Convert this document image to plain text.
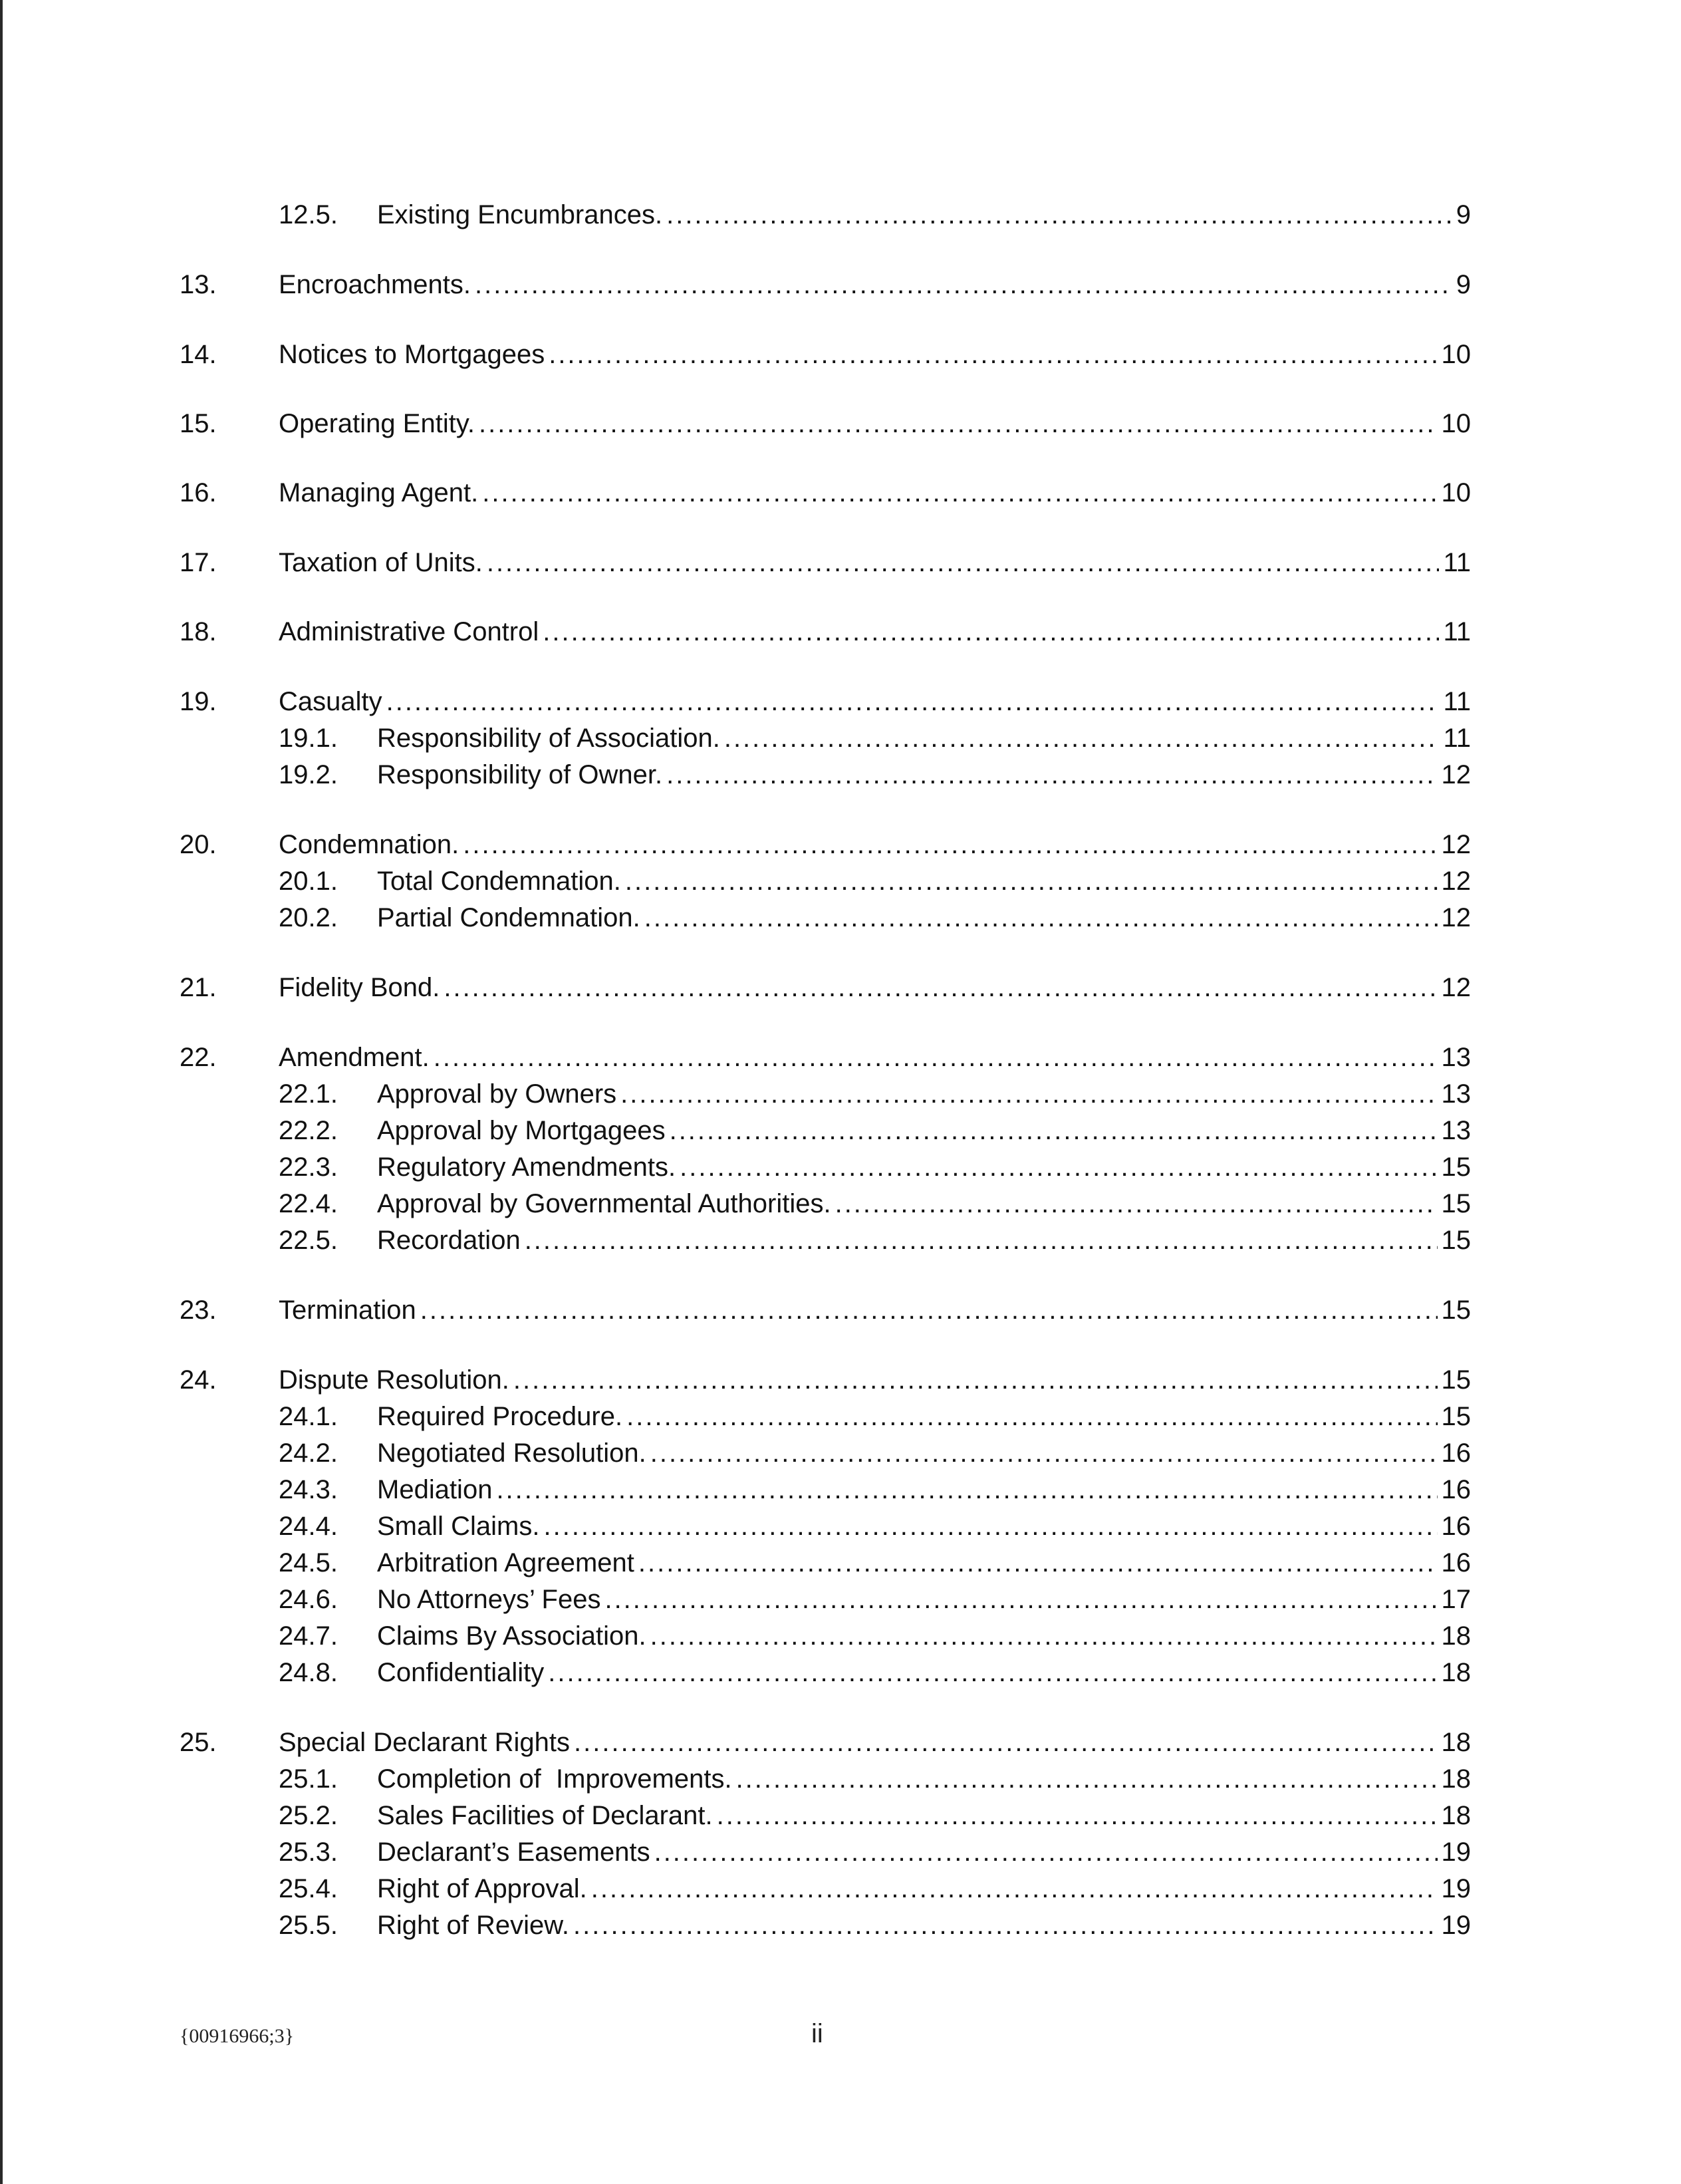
12.5. Existing Encumbrances. .....	9
13. Encroachments. .....	9
14. Notices to Mortgagees .....	10
15. Operating Entity. .....	10
16. Managing Agent. .....	10
17. Taxation of Units. .....	11
18. Administrative Control .....	11
19. Casualty .....	11
19.1. Responsibility of Association. .....	11
19.2. Responsibility of Owner. .....	12
20. Condemnation. .....	12
20.1. Total Condemnation. .....	12
20.2. Partial Condemnation. .....	12
21. Fidelity Bond. .....	12
22. Amendment. .....	13
22.1. Approval by Owners .....	13
22.2. Approval by Mortgagees .....	13
22.3. Regulatory Amendments. .....	15
22.4. Approval by Governmental Authorities. .....	15
22.5. Recordation .....	15
23. Termination .....	15
24. Dispute Resolution. .....	15
24.1. Required Procedure. .....	15
24.2. Negotiated Resolution. .....	16
24.3. Mediation .....	16
24.4. Small Claims. .....	16
24.5. Arbitration Agreement .....	16
24.6. No Attorneys’ Fees .....	17
24.7. Claims By Association. .....	18
24.8. Confidentiality .....	18
25. Special Declarant Rights .....	18
25.1. Completion of  Improvements. .....	18
25.2. Sales Facilities of Declarant. .....	18
25.3. Declarant’s Easements .....	19
25.4. Right of Approval. .....	19
25.5. Right of Review. .....	19
{00916966;3}	ii
